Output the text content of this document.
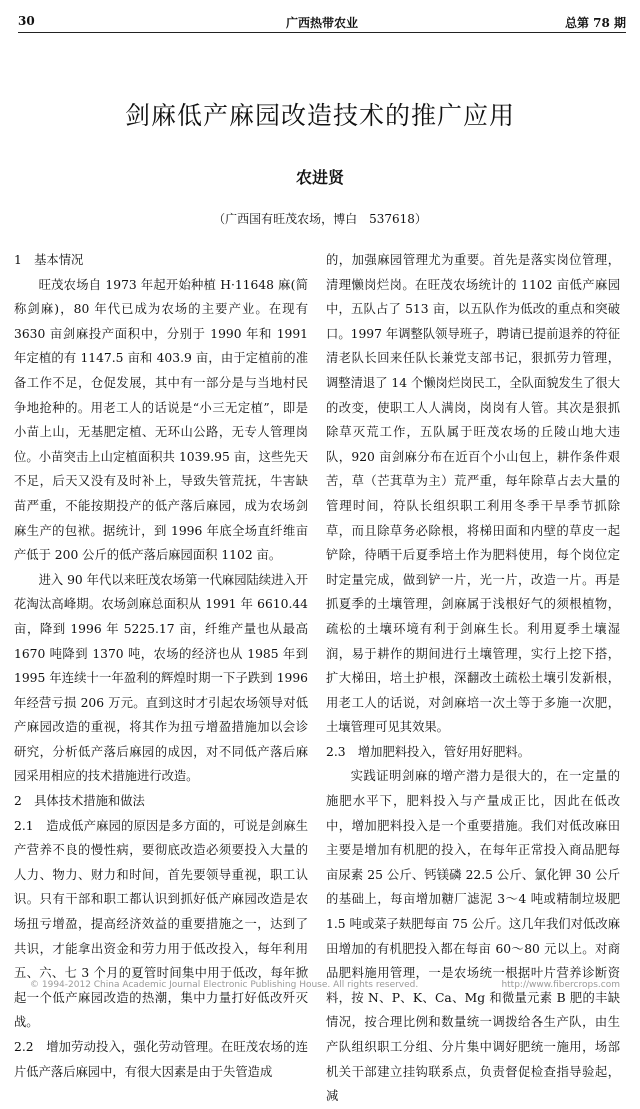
30	广西热带农业	总第 78 期
剑麻低产麻园改造技术的推广应用
农进贤
（广西国有旺茂农场，博白　537618）
1　基本情况

旺茂农场自 1973 年起开始种植 H·11648 麻(简称剑麻)，80 年代已成为农场的主要产业。在现有 3630 亩剑麻投产面积中，分别于 1990 年和 1991 年定植的有 1147.5 亩和 403.9 亩，由于定植前的准备工作不足，仓促发展，其中有一部分是与当地村民争地抢种的。用老工人的话说是“小三无定植”，即是小苗上山，无基肥定植、无环山公路，无专人管理岗位。小苗突击上山定植面积共 1039.95 亩，这些先天不足，后天又没有及时补上，导致失管荒抚，牛害缺苗严重，不能按期投产的低产落后麻园，成为农场剑麻生产的包袱。据统计，到 1996 年底全场直纤维亩产低于 200 公斤的低产落后麻园面积 1102 亩。

进入 90 年代以来旺茂农场第一代麻园陆续进入开花淘汰高峰期。农场剑麻总面积从 1991 年 6610.44 亩，降到 1996 年 5225.17 亩，纤维产量也从最高 1670 吨降到 1370 吨，农场的经济也从 1985 年到 1995 年连续十一年盈利的辉煌时期一下子跌到 1996 年经营亏损 206 万元。直到这时才引起农场领导对低产麻园改造的重视，将其作为扭亏增盈措施加以会诊研究，分析低产落后麻园的成因，对不同低产落后麻园采用相应的技术措施进行改造。

2　具体技术措施和做法
2.1　造成低产麻园的原因是多方面的，可说是剑麻生产营养不良的慢性病，要彻底改造必须要投入大量的人力、物力、财力和时间，首先要领导重视，职工认识。只有干部和职工都认识到抓好低产麻园改造是农场扭亏增盈，提高经济效益的重要措施之一，达到了共识，才能拿出资金和劳力用于低改投入，每年利用五、六、七 3 个月的夏管时间集中用于低改，每年掀起一个低产麻园改造的热潮，集中力量打好低改歼灭战。
2.2　增加劳动投入，强化劳动管理。在旺茂农场的连片低产落后麻园中，有很大因素是由于失管造成

的，加强麻园管理尤为重要。首先是落实岗位管理，清理懒岗烂岗。在旺茂农场统计的 1102 亩低产麻园中，五队占了 513 亩，以五队作为低改的重点和突破口。1997 年调整队领导班子，聘请已提前退养的符征清老队长回来任队长兼党支部书记，狠抓劳力管理，调整清退了 14 个懒岗烂岗民工，全队面貌发生了很大的改变，使职工人人满岗，岗岗有人管。其次是狠抓除草灭荒工作，五队属于旺茂农场的丘陵山地大违队，920 亩剑麻分布在近百个小山包上，耕作条件艰苦，草（芒萁草为主）荒严重，每年除草占去大量的管理时间，符队长组织职工利用冬季干旱季节抓除草，而且除草务必除根，将梯田面和内壁的草皮一起铲除，待晒干后夏季培土作为肥料使用，每个岗位定时定量完成，做到铲一片，光一片，改造一片。再是抓夏季的土壤管理，剑麻属于浅根好气的须根植物，疏松的土壤环境有利于剑麻生长。利用夏季土壤湿润，易于耕作的期间进行土壤管理，实行上挖下搭，扩大梯田，培土护根，深翻改土疏松土壤引发新根，用老工人的话说，对剑麻培一次土等于多施一次肥，土壤管理可见其效果。

2.3　增加肥料投入，管好用好肥料。

实践证明剑麻的增产潜力是很大的，在一定量的施肥水平下，肥料投入与产量成正比，因此在低改中，增加肥料投入是一个重要措施。我们对低改麻田主要是增加有机肥的投入，在每年正常投入商品肥每亩尿素 25 公斤、钙镁磷 22.5 公斤、氯化钾 30 公斤的基础上，每亩增加糖厂滤泥 3～4 吨或精制垃圾肥 1.5 吨或菜子麸肥每亩 75 公斤。这几年我们对低改麻田增加的有机肥投入都在每亩 60～80 元以上。对商品肥料施用管理，一是农场统一根据叶片营养诊断资料，按 N、P、K、Ca、Mg 和微量元素 B 肥的丰缺情况，按合理比例和数量统一调拨给各生产队，由生产队组织职工分组、分片集中调好肥统一施用，场部机关干部建立挂钩联系点，负责督促检查指导验起，减

© 1994-2012 China Academic Journal Electronic Publishing House. All rights reserved.	http://www.fibercrops.com
